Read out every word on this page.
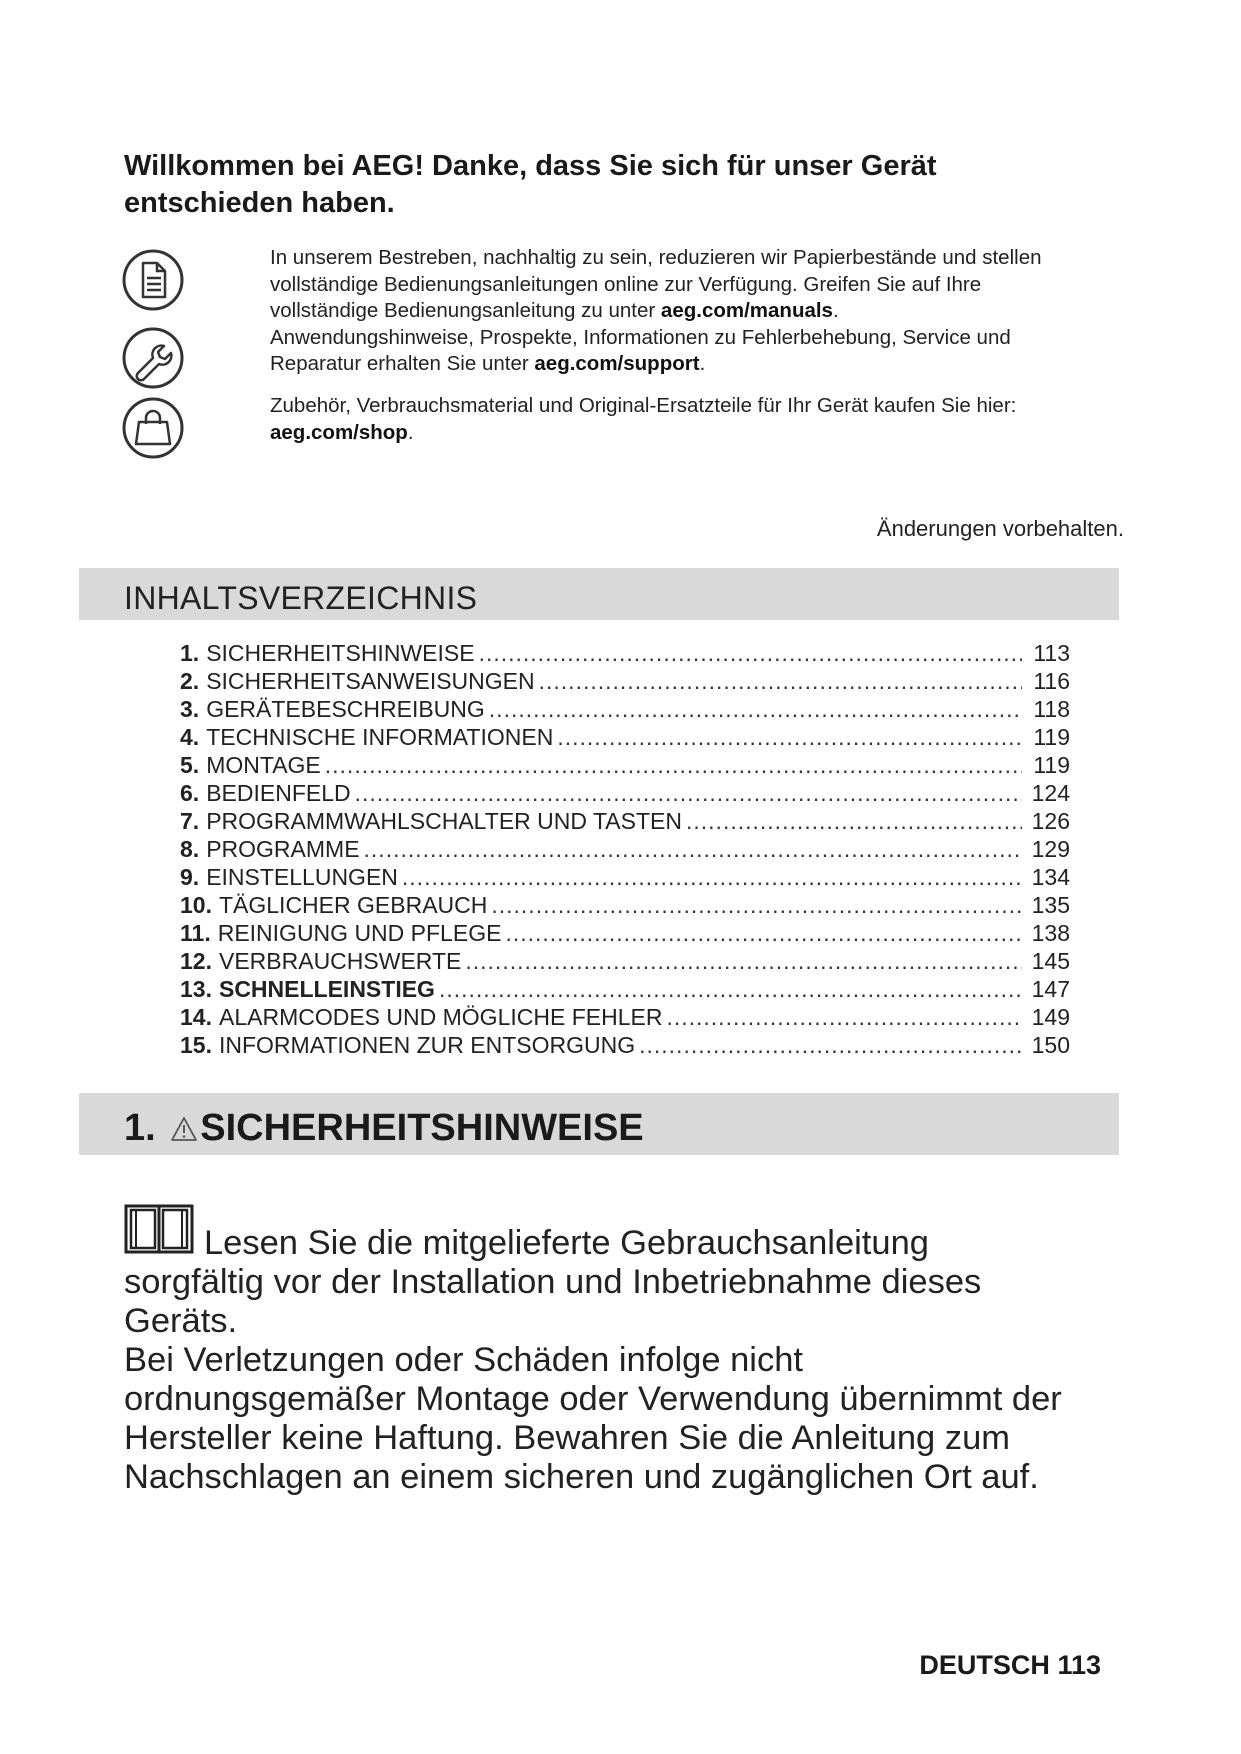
Willkommen bei AEG! Danke, dass Sie sich für unser Gerät
entschieden haben.
In unserem Bestreben, nachhaltig zu sein, reduzieren wir Papierbestände und stellen
vollständige Bedienungsanleitungen online zur Verfügung. Greifen Sie auf Ihre
vollständige Bedienungsanleitung zu unter aeg.com/manuals.
Anwendungshinweise, Prospekte, Informationen zu Fehlerbehebung, Service und
Reparatur erhalten Sie unter aeg.com/support.
Zubehör, Verbrauchsmaterial und Original-Ersatzteile für Ihr Gerät kaufen Sie hier:
aeg.com/shop.
Änderungen vorbehalten.
INHALTSVERZEICHNIS
1. SICHERHEITSHINWEISE .....	113
2. SICHERHEITSANWEISUNGEN .....	116
3. GERÄTEBESCHREIBUNG .....	118
4. TECHNISCHE INFORMATIONEN .....	119
5. MONTAGE .....	119
6. BEDIENFELD .....	124
7. PROGRAMMWAHLSCHALTER UND TASTEN .....	126
8. PROGRAMME .....	129
9. EINSTELLUNGEN .....	134
10. TÄGLICHER GEBRAUCH .....	135
11. REINIGUNG UND PFLEGE .....	138
12. VERBRAUCHSWERTE .....	145
13. SCHNELLEINSTIEG .....	147
14. ALARMCODES UND MÖGLICHE FEHLER .....	149
15. INFORMATIONEN ZUR ENTSORGUNG .....	150
1. SICHERHEITSHINWEISE
Lesen Sie die mitgelieferte Gebrauchsanleitung
sorgfältig vor der Installation und Inbetriebnahme dieses
Geräts.
Bei Verletzungen oder Schäden infolge nicht
ordnungsgemäßer Montage oder Verwendung übernimmt der
Hersteller keine Haftung. Bewahren Sie die Anleitung zum
Nachschlagen an einem sicheren und zugänglichen Ort auf.
DEUTSCH 113
